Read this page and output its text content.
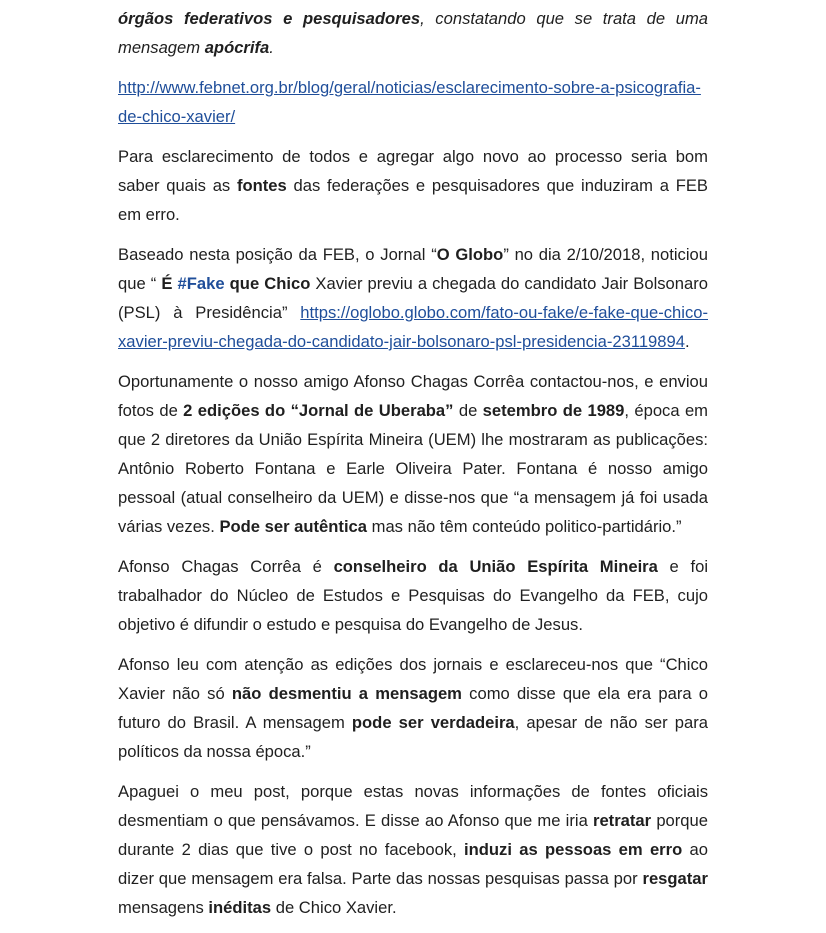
órgãos federativos e pesquisadores, constatando que se trata de uma mensagem apócrifa.

http://www.febnet.org.br/blog/geral/noticias/esclarecimento-sobre-a-psicografia-de-chico-xavier/

Para esclarecimento de todos e agregar algo novo ao processo seria bom saber quais as fontes das federações e pesquisadores que induziram a FEB em erro.

Baseado nesta posição da FEB, o Jornal “O Globo” no dia 2/10/2018, noticiou que “ É #Fake que Chico Xavier previu a chegada do candidato Jair Bolsonaro (PSL) à Presidência” https://oglobo.globo.com/fato-ou-fake/e-fake-que-chico-xavier-previu-chegada-do-candidato-jair-bolsonaro-psl-presidencia-23119894.

Oportunamente o nosso amigo Afonso Chagas Corrêa contactou-nos, e enviou fotos de 2 edições do “Jornal de Uberaba” de setembro de 1989, época em que 2 diretores da União Espírita Mineira (UEM) lhe mostraram as publicações: Antônio Roberto Fontana e Earle Oliveira Pater. Fontana é nosso amigo pessoal (atual conselheiro da UEM) e disse-nos que “a mensagem já foi usada várias vezes. Pode ser autêntica mas não têm conteúdo politico-partidário.”

Afonso Chagas Corrêa é conselheiro da União Espírita Mineira e foi trabalhador do Núcleo de Estudos e Pesquisas do Evangelho da FEB, cujo objetivo é difundir o estudo e pesquisa do Evangelho de Jesus.

Afonso leu com atenção as edições dos jornais e esclareceu-nos que “Chico Xavier não só não desmentiu a mensagem como disse que ela era para o futuro do Brasil. A mensagem pode ser verdadeira, apesar de não ser para políticos da nossa época.”

Apaguei o meu post, porque estas novas informações de fontes oficiais desmentiam o que pensávamos. E disse ao Afonso que me iria retratar porque durante 2 dias que tive o post no facebook, induzi as pessoas em erro ao dizer que mensagem era falsa. Parte das nossas pesquisas passa por resgatar mensagens inéditas de Chico Xavier.
